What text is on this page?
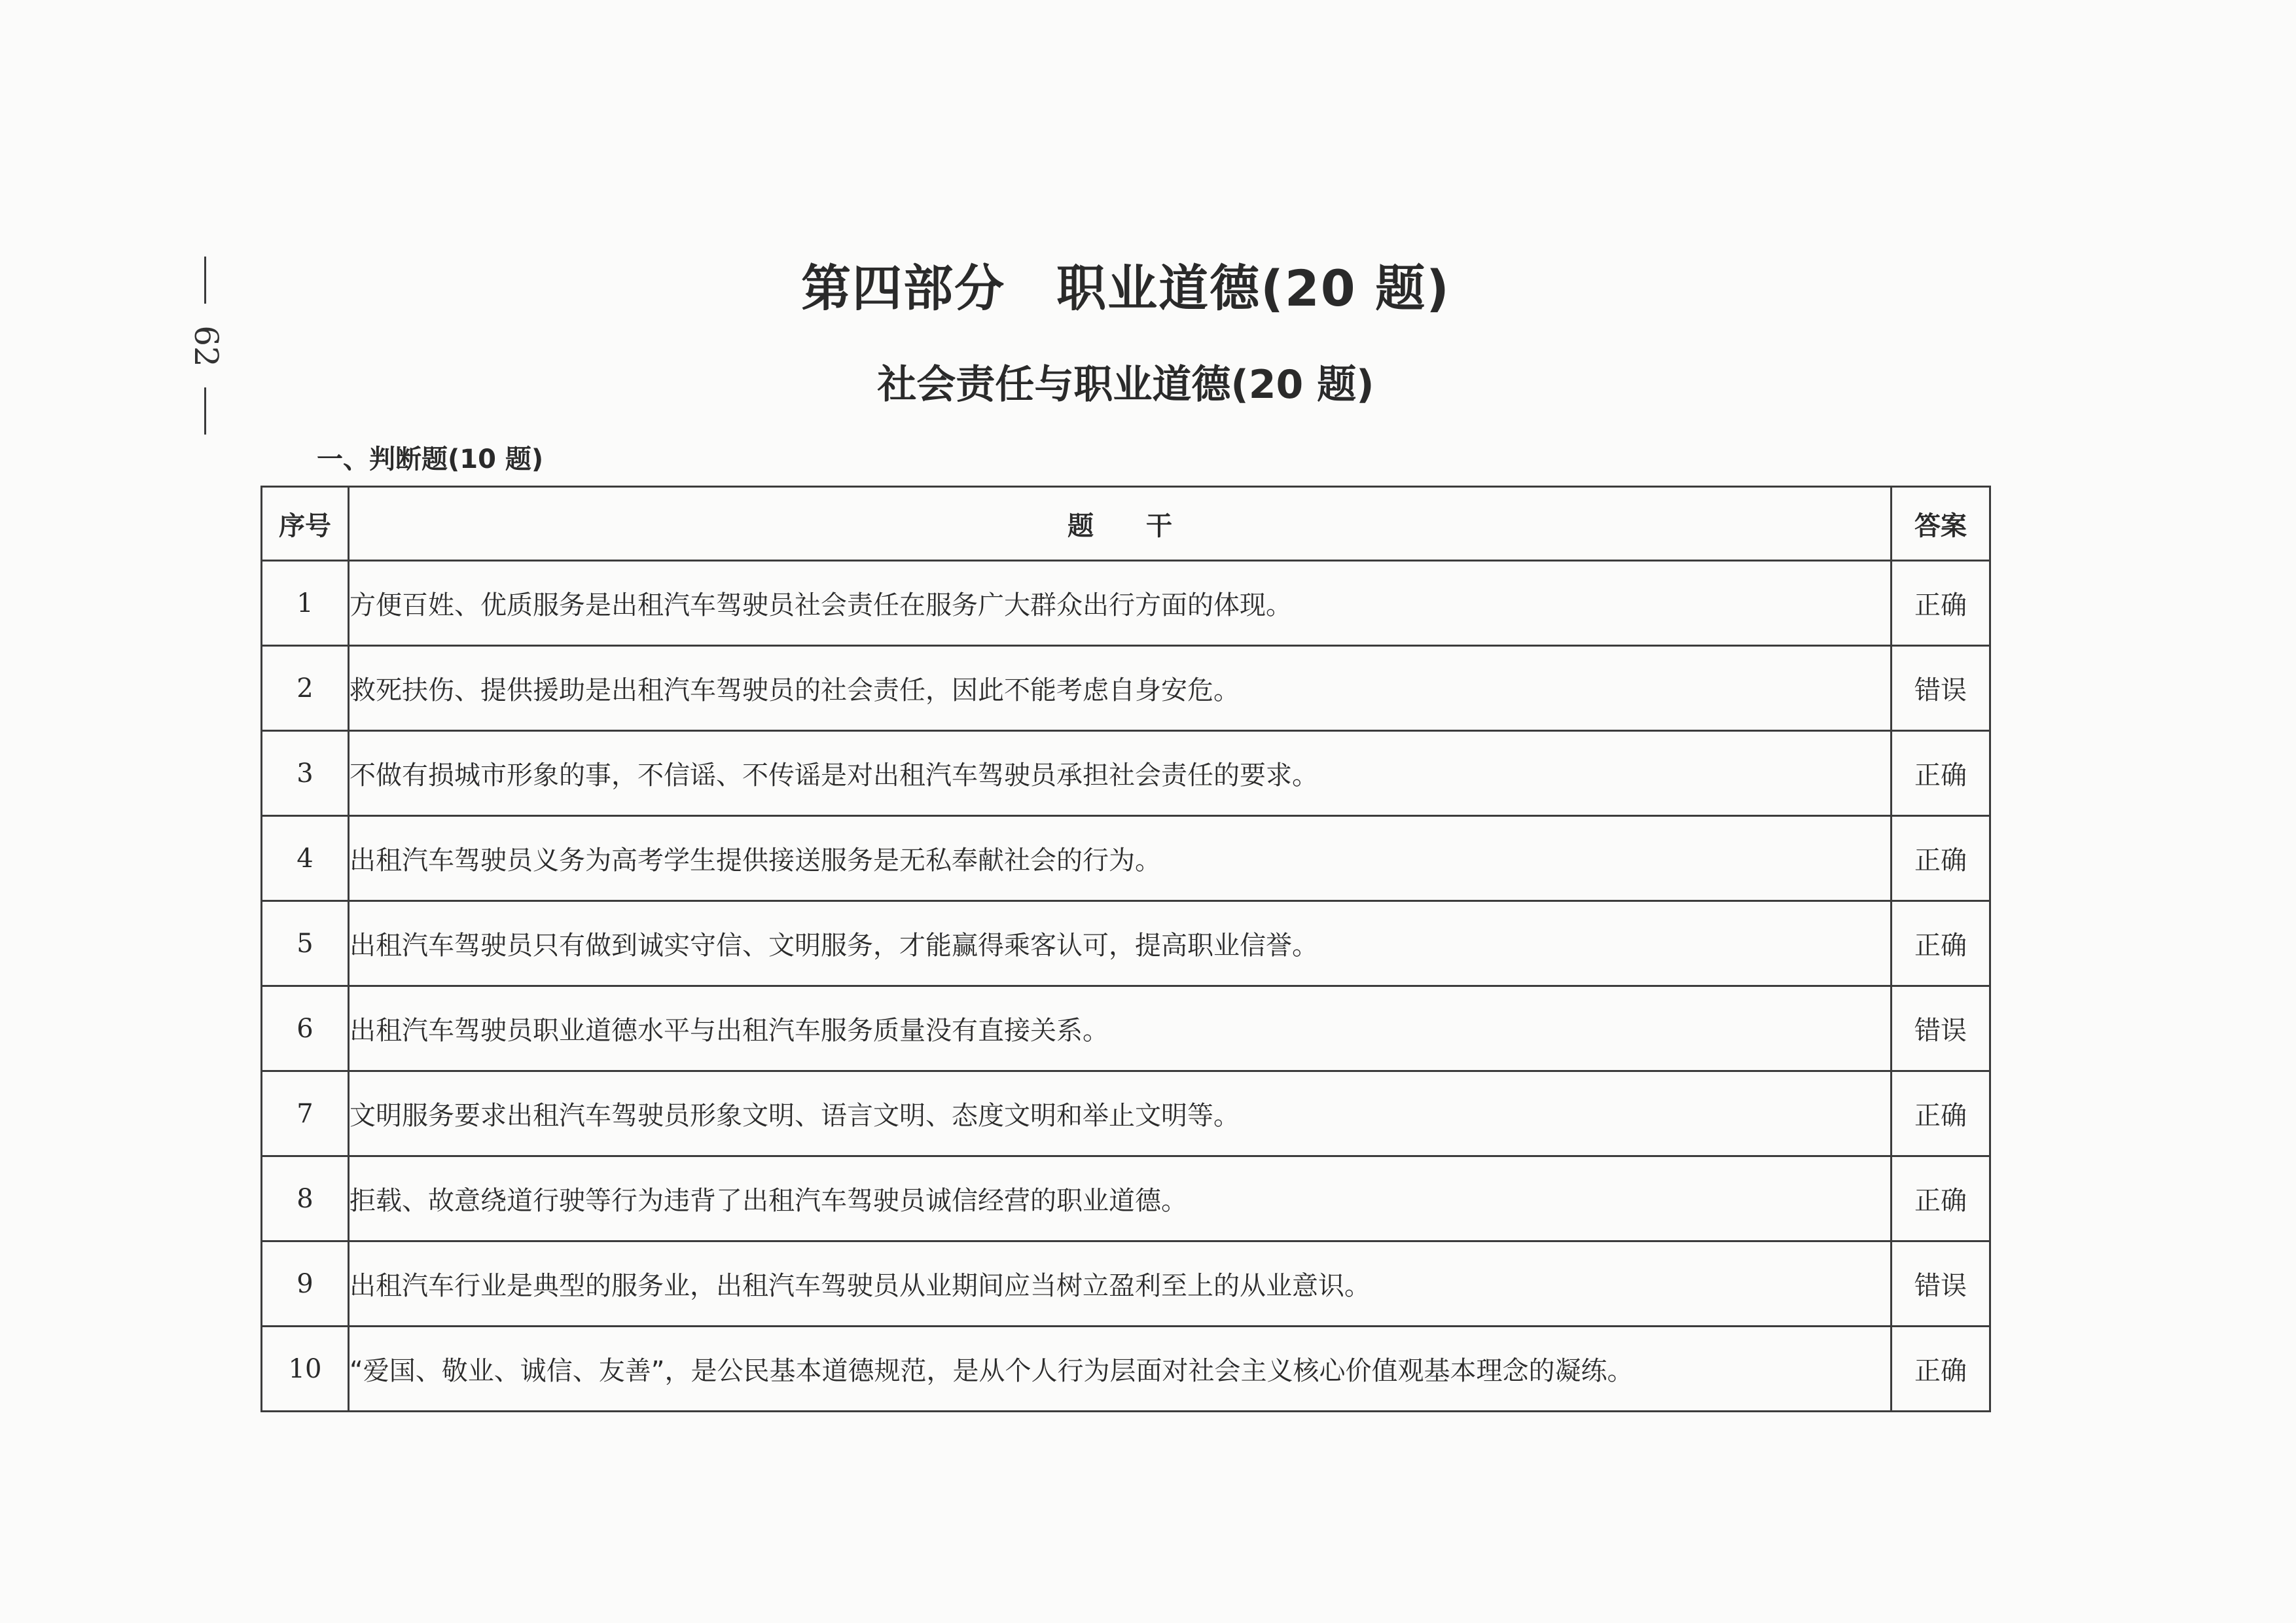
62
第四部分　职业道德(20 题)
社会责任与职业道德(20 题)
一、判断题(10 题)
序号	题　　干	答案
1	方便百姓、优质服务是出租汽车驾驶员社会责任在服务广大群众出行方面的体现。	正确
2	救死扶伤、提供援助是出租汽车驾驶员的社会责任，因此不能考虑自身安危。	错误
3	不做有损城市形象的事，不信谣、不传谣是对出租汽车驾驶员承担社会责任的要求。	正确
4	出租汽车驾驶员义务为高考学生提供接送服务是无私奉献社会的行为。	正确
5	出租汽车驾驶员只有做到诚实守信、文明服务，才能赢得乘客认可，提高职业信誉。	正确
6	出租汽车驾驶员职业道德水平与出租汽车服务质量没有直接关系。	错误
7	文明服务要求出租汽车驾驶员形象文明、语言文明、态度文明和举止文明等。	正确
8	拒载、故意绕道行驶等行为违背了出租汽车驾驶员诚信经营的职业道德。	正确
9	出租汽车行业是典型的服务业，出租汽车驾驶员从业期间应当树立盈利至上的从业意识。	错误
10	“爱国、敬业、诚信、友善”，是公民基本道德规范，是从个人行为层面对社会主义核心价值观基本理念的凝练。	正确
